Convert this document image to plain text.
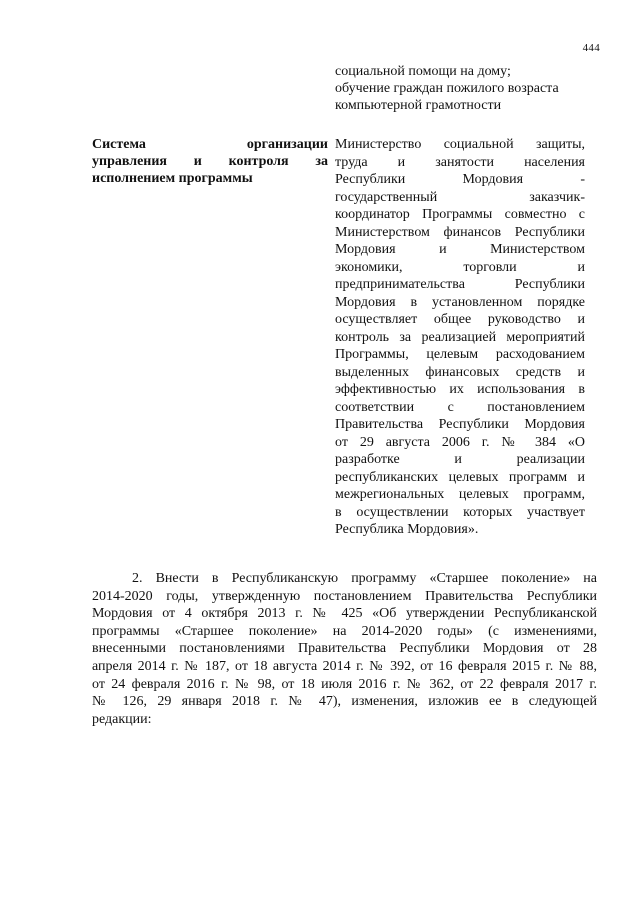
444
социальной помощи на дому;
обучение граждан пожилого возраста
компьютерной грамотности
Система организации
управления и контроля за
исполнением программы
Министерство социальной защиты,
труда и занятости населения
Республики Мордовия -
государственный заказчик-
координатор Программы совместно с
Министерством финансов Республики
Мордовия и Министерством
экономики, торговли и
предпринимательства Республики
Мордовия в установленном порядке
осуществляет общее руководство и
контроль за реализацией мероприятий
Программы, целевым расходованием
выделенных финансовых средств и
эффективностью их использования в
соответствии с постановлением
Правительства Республики Мордовия
от 29 августа 2006 г. № 384 «О
разработке и реализации
республиканских целевых программ и
межрегиональных целевых программ,
в осуществлении которых участвует
Республика Мордовия».
2. Внести в Республиканскую программу «Старшее поколение» на
2014-2020 годы, утвержденную постановлением Правительства Республики
Мордовия от 4 октября 2013 г. № 425 «Об утверждении Республиканской
программы «Старшее поколение» на 2014-2020 годы» (с изменениями,
внесенными постановлениями Правительства Республики Мордовия от 28
апреля 2014 г. № 187, от 18 августа 2014 г. № 392, от 16 февраля 2015 г. № 88,
от 24 февраля 2016 г. № 98, от 18 июля 2016 г. № 362, от 22 февраля 2017 г.
№ 126, 29 января 2018 г. № 47), изменения, изложив ее в следующей
редакции:
